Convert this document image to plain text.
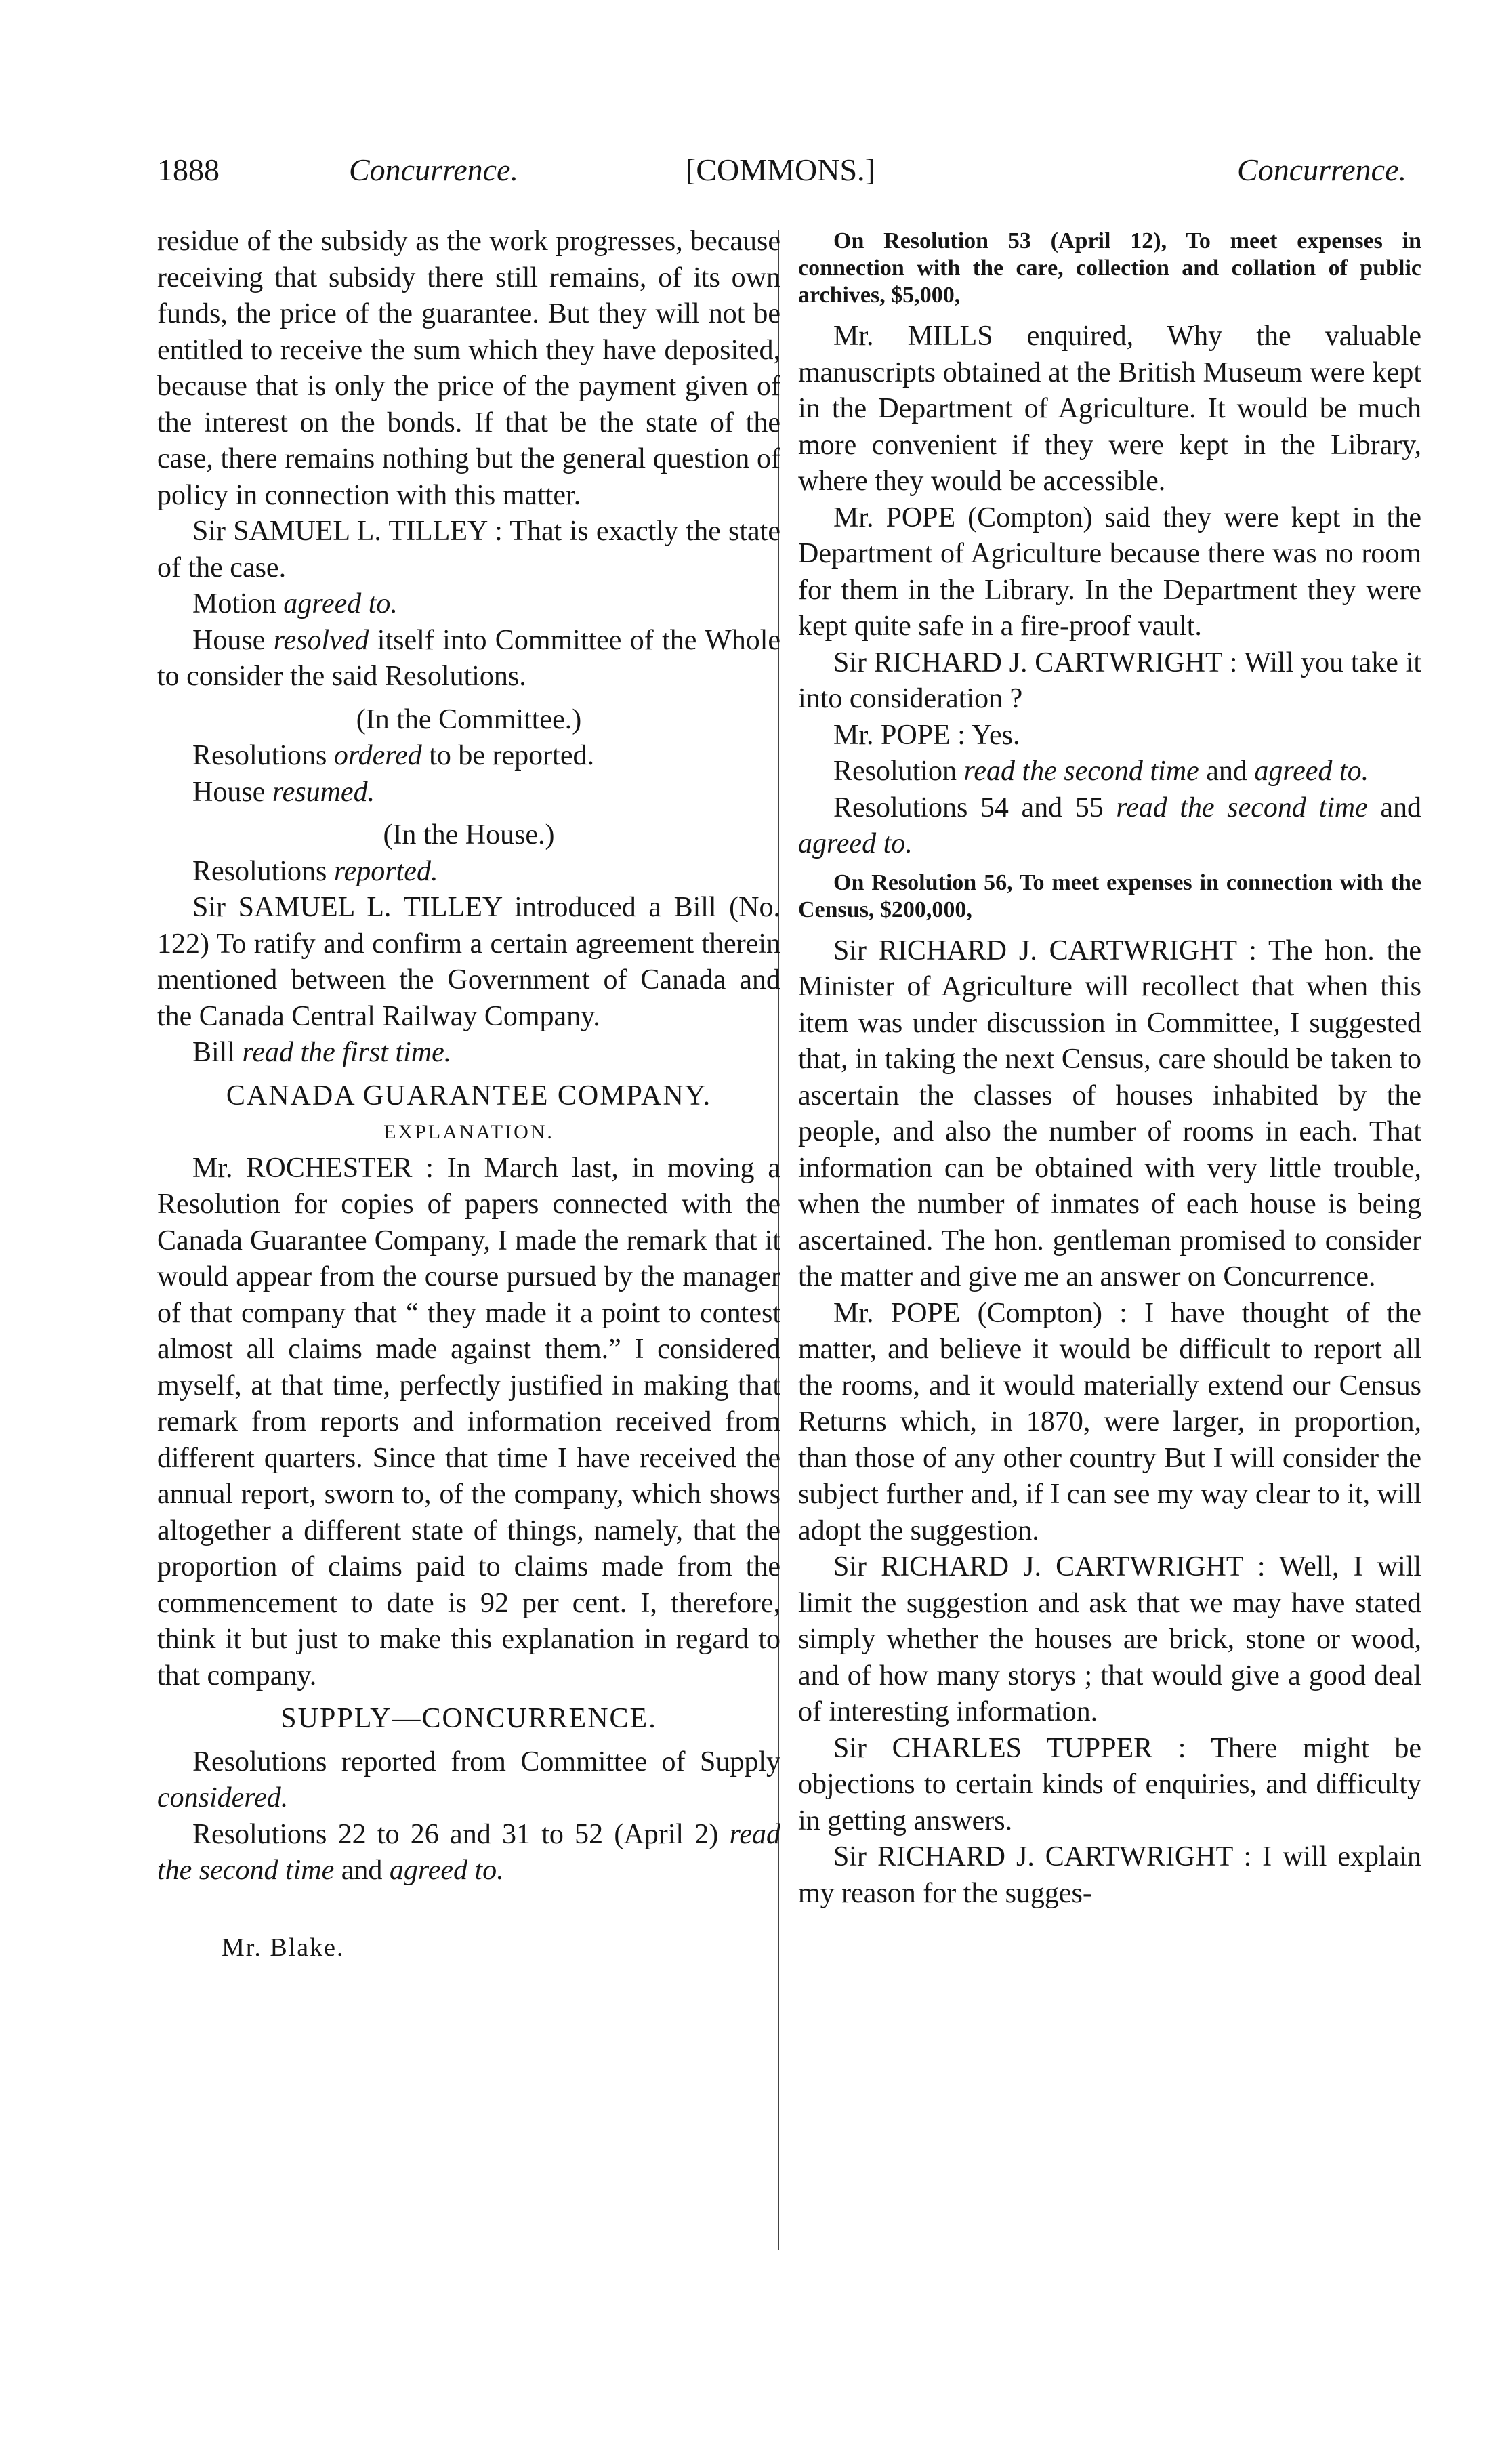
1888	Concurrence.	[COMMONS.]	Concurrence.

residue of the subsidy as the work progresses, because receiving that subsidy there still remains, of its own funds, the price of the guarantee. But they will not be entitled to receive the sum which they have deposited, because that is only the price of the payment given of the interest on the bonds. If that be the state of the case, there remains nothing but the general question of policy in connection with this matter.

Sir SAMUEL L. TILLEY : That is exactly the state of the case.

Motion agreed to.

House resolved itself into Committee of the Whole to consider the said Resolutions.

(In the Committee.)

Resolutions ordered to be reported.

House resumed.

(In the House.)

Resolutions reported.

Sir SAMUEL L. TILLEY introduced a Bill (No. 122) To ratify and confirm a certain agreement therein mentioned between the Government of Canada and the Canada Central Railway Company.

Bill read the first time.

CANADA GUARANTEE COMPANY.

EXPLANATION.

Mr. ROCHESTER : In March last, in moving a Resolution for copies of papers connected with the Canada Guarantee Company, I made the remark that it would appear from the course pursued by the manager of that company that “ they made it a point to contest almost all claims made against them.” I considered myself, at that time, perfectly justified in making that remark from reports and information received from different quarters. Since that time I have received the annual report, sworn to, of the company, which shows altogether a different state of things, namely, that the proportion of claims paid to claims made from the commencement to date is 92 per cent. I, therefore, think it but just to make this explanation in regard to that company.

SUPPLY—CONCURRENCE.

Resolutions reported from Committee of Supply considered.

Resolutions 22 to 26 and 31 to 52 (April 2) read the second time and agreed to.

Mr. Blake.

On Resolution 53 (April 12), To meet expenses in connection with the care, collection and collation of public archives, $5,000,

Mr. MILLS enquired, Why the valuable manuscripts obtained at the British Museum were kept in the Department of Agriculture. It would be much more convenient if they were kept in the Library, where they would be accessible.

Mr. POPE (Compton) said they were kept in the Department of Agriculture because there was no room for them in the Library. In the Department they were kept quite safe in a fire-proof vault.

Sir RICHARD J. CARTWRIGHT : Will you take it into consideration ?

Mr. POPE : Yes.

Resolution read the second time and agreed to.

Resolutions 54 and 55 read the second time and agreed to.

On Resolution 56, To meet expenses in connection with the Census, $200,000,

Sir RICHARD J. CARTWRIGHT : The hon. the Minister of Agriculture will recollect that when this item was under discussion in Committee, I suggested that, in taking the next Census, care should be taken to ascertain the classes of houses inhabited by the people, and also the number of rooms in each. That information can be obtained with very little trouble, when the number of inmates of each house is being ascertained. The hon. gentleman promised to consider the matter and give me an answer on Concurrence.

Mr. POPE (Compton) : I have thought of the matter, and believe it would be difficult to report all the rooms, and it would materially extend our Census Returns which, in 1870, were larger, in proportion, than those of any other country But I will consider the subject further and, if I can see my way clear to it, will adopt the suggestion.

Sir RICHARD J. CARTWRIGHT : Well, I will limit the suggestion and ask that we may have stated simply whether the houses are brick, stone or wood, and of how many storys ; that would give a good deal of interesting information.

Sir CHARLES TUPPER : There might be objections to certain kinds of enquiries, and difficulty in getting answers.

Sir RICHARD J. CARTWRIGHT : I will explain my reason for the sugges-
